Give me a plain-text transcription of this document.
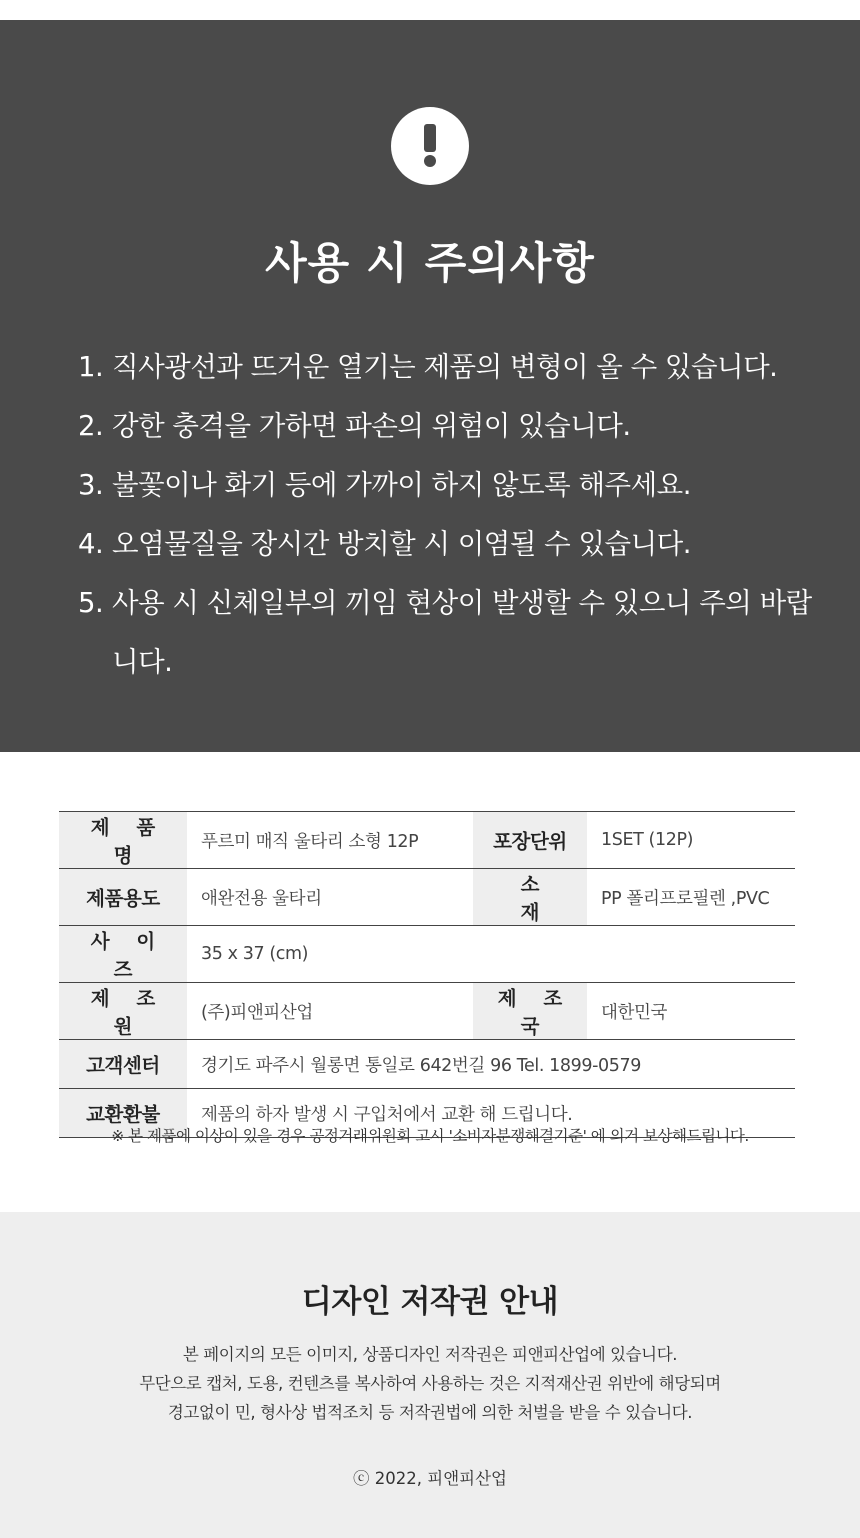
사용 시 주의사항
1. 직사광선과 뜨거운 열기는 제품의 변형이 올 수 있습니다.
2. 강한 충격을 가하면 파손의 위험이 있습니다.
3. 불꽃이나 화기 등에 가까이 하지 않도록 해주세요.
4. 오염물질을 장시간 방치할 시 이염될 수 있습니다.
5. 사용 시 신체일부의 끼임 현상이 발생할 수 있으니 주의 바랍니다.
제 품 명	푸르미 매직 울타리 소형 12P	포장단위	1SET (12P)
제품용도	애완전용 울타리	소 재	PP 폴리프로필렌 ,PVC
사 이 즈	35 x 37 (cm)		
제 조 원	(주)피앤피산업	제 조 국	대한민국
고객센터	경기도 파주시 월롱면 통일로 642번길 96 Tel. 1899-0579		
교환환불	제품의 하자 발생 시 구입처에서 교환 해 드립니다.		
※ 본 제품에 이상이 있을 경우 공정거래위원회 고시 '소비자분쟁해결기준' 에 의거 보상해드립니다.
디자인 저작권 안내
본 페이지의 모든 이미지, 상품디자인 저작권은 피앤피산업에 있습니다.
무단으로 캡처, 도용, 컨텐츠를 복사하여 사용하는 것은 지적재산권 위반에 해당되며
경고없이 민, 형사상 법적조치 등 저작권법에 의한 처벌을 받을 수 있습니다.
ⓒ 2022, 피앤피산업
